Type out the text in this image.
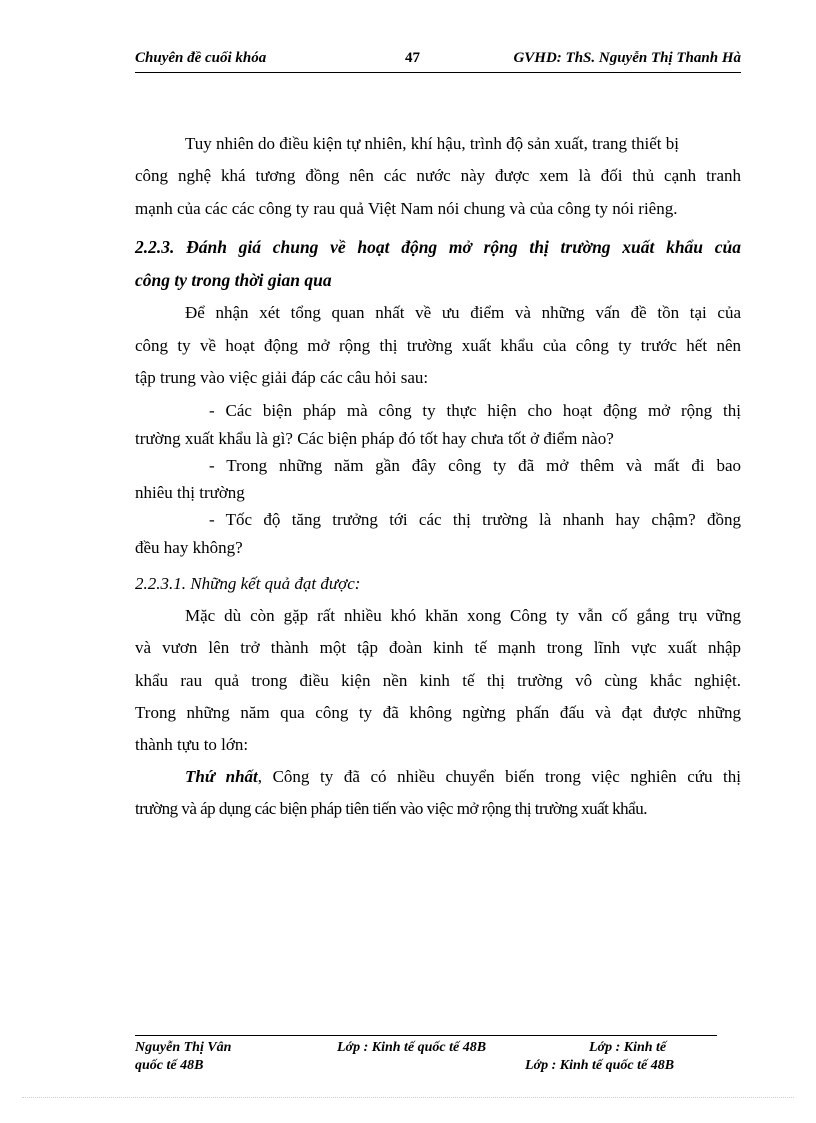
Chuyên đề cuối khóa	47	GVHD: ThS. Nguyễn Thị Thanh Hà
Tuy nhiên do điều kiện tự nhiên, khí hậu, trình độ sản xuất, trang thiết bị
công nghệ khá tương đồng nên các nước này được xem là đối thủ cạnh tranh
mạnh của các các công ty rau quả Việt Nam nói chung và của công ty nói riêng.
2.2.3. Đánh giá chung về hoạt động mở rộng thị trường xuất khẩu của
công ty trong thời gian qua
Để nhận xét tổng quan nhất về ưu điểm và những vấn đề tồn tại của
công ty về hoạt động mở rộng thị trường xuất khẩu của công ty trước hết nên
tập trung vào việc giải đáp các câu hỏi sau:
- Các biện pháp mà công ty thực hiện cho hoạt động mở rộng thị
trường xuất khẩu là gì? Các biện pháp đó tốt hay chưa tốt ở điểm nào?
- Trong những năm gần đây công ty đã mở thêm và mất đi bao
nhiêu thị trường
- Tốc độ tăng trưởng tới các thị trường là nhanh hay chậm? đồng
đều hay không?
2.2.3.1. Những kết quả đạt được:
Mặc dù còn gặp rất nhiều khó khăn xong Công ty vẫn cố gắng trụ vững
và vươn lên trở thành một tập đoàn kinh tế mạnh trong lĩnh vực xuất nhập
khẩu rau quả trong điều kiện nền kinh tế thị trường vô cùng khắc nghiệt.
Trong những năm qua công ty đã không ngừng phấn đấu và đạt được những
thành tựu to lớn:
Thứ nhất, Công ty đã có nhiều chuyển biến trong việc nghiên cứu thị
trường và áp dụng các biện pháp tiên tiến vào việc mở rộng thị trường xuất khẩu.
Nguyễn Thị Vân	Lớp : Kinh tế quốc tế 48B	Lớp : Kinh tế
quốc tế 48B	Lớp : Kinh tế quốc tế 48B
